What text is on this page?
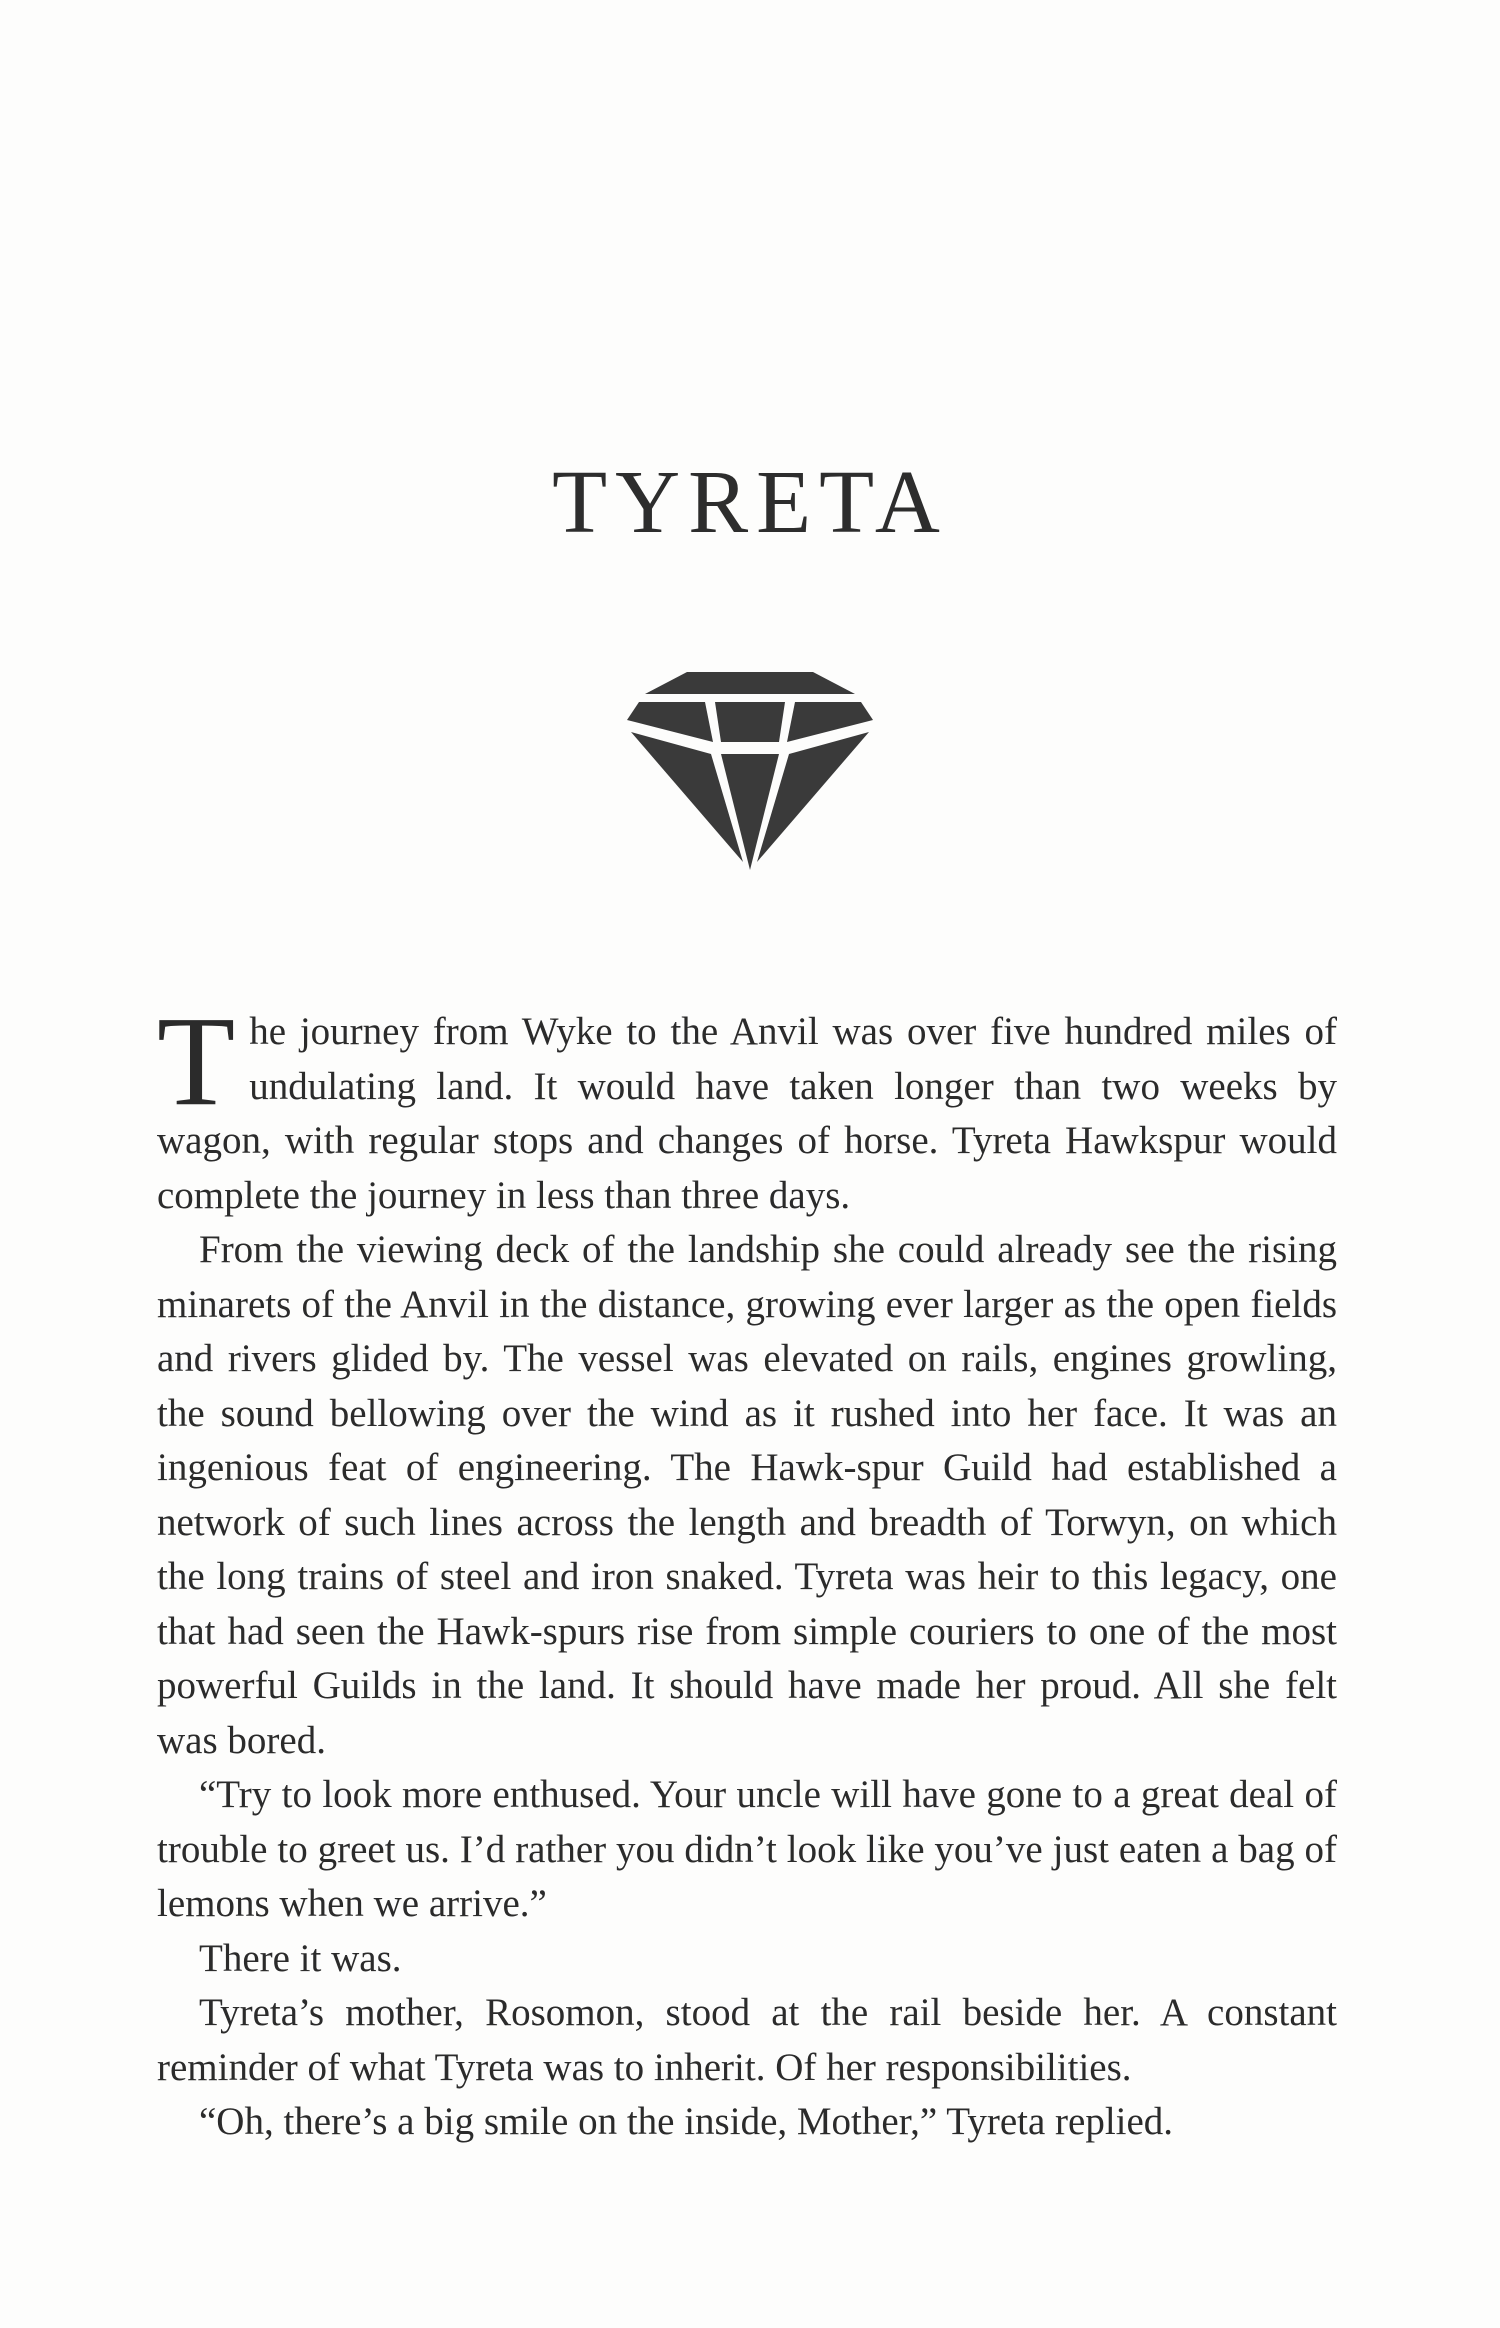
TYRETA

The journey from Wyke to the Anvil was over five hundred miles of undulating land. It would have taken longer than two weeks by wagon, with regular stops and changes of horse. Tyreta Hawkspur would complete the journey in less than three days.

From the viewing deck of the landship she could already see the rising minarets of the Anvil in the distance, growing ever larger as the open fields and rivers glided by. The vessel was elevated on rails, engines growling, the sound bellowing over the wind as it rushed into her face. It was an ingenious feat of engineering. The Hawk-spur Guild had established a network of such lines across the length and breadth of Torwyn, on which the long trains of steel and iron snaked. Tyreta was heir to this legacy, one that had seen the Hawk-spurs rise from simple couriers to one of the most powerful Guilds in the land. It should have made her proud. All she felt was bored.

“Try to look more enthused. Your uncle will have gone to a great deal of trouble to greet us. I’d rather you didn’t look like you’ve just eaten a bag of lemons when we arrive.”

There it was.

Tyreta’s mother, Rosomon, stood at the rail beside her. A constant reminder of what Tyreta was to inherit. Of her responsibilities.

“Oh, there’s a big smile on the inside, Mother,” Tyreta replied.
